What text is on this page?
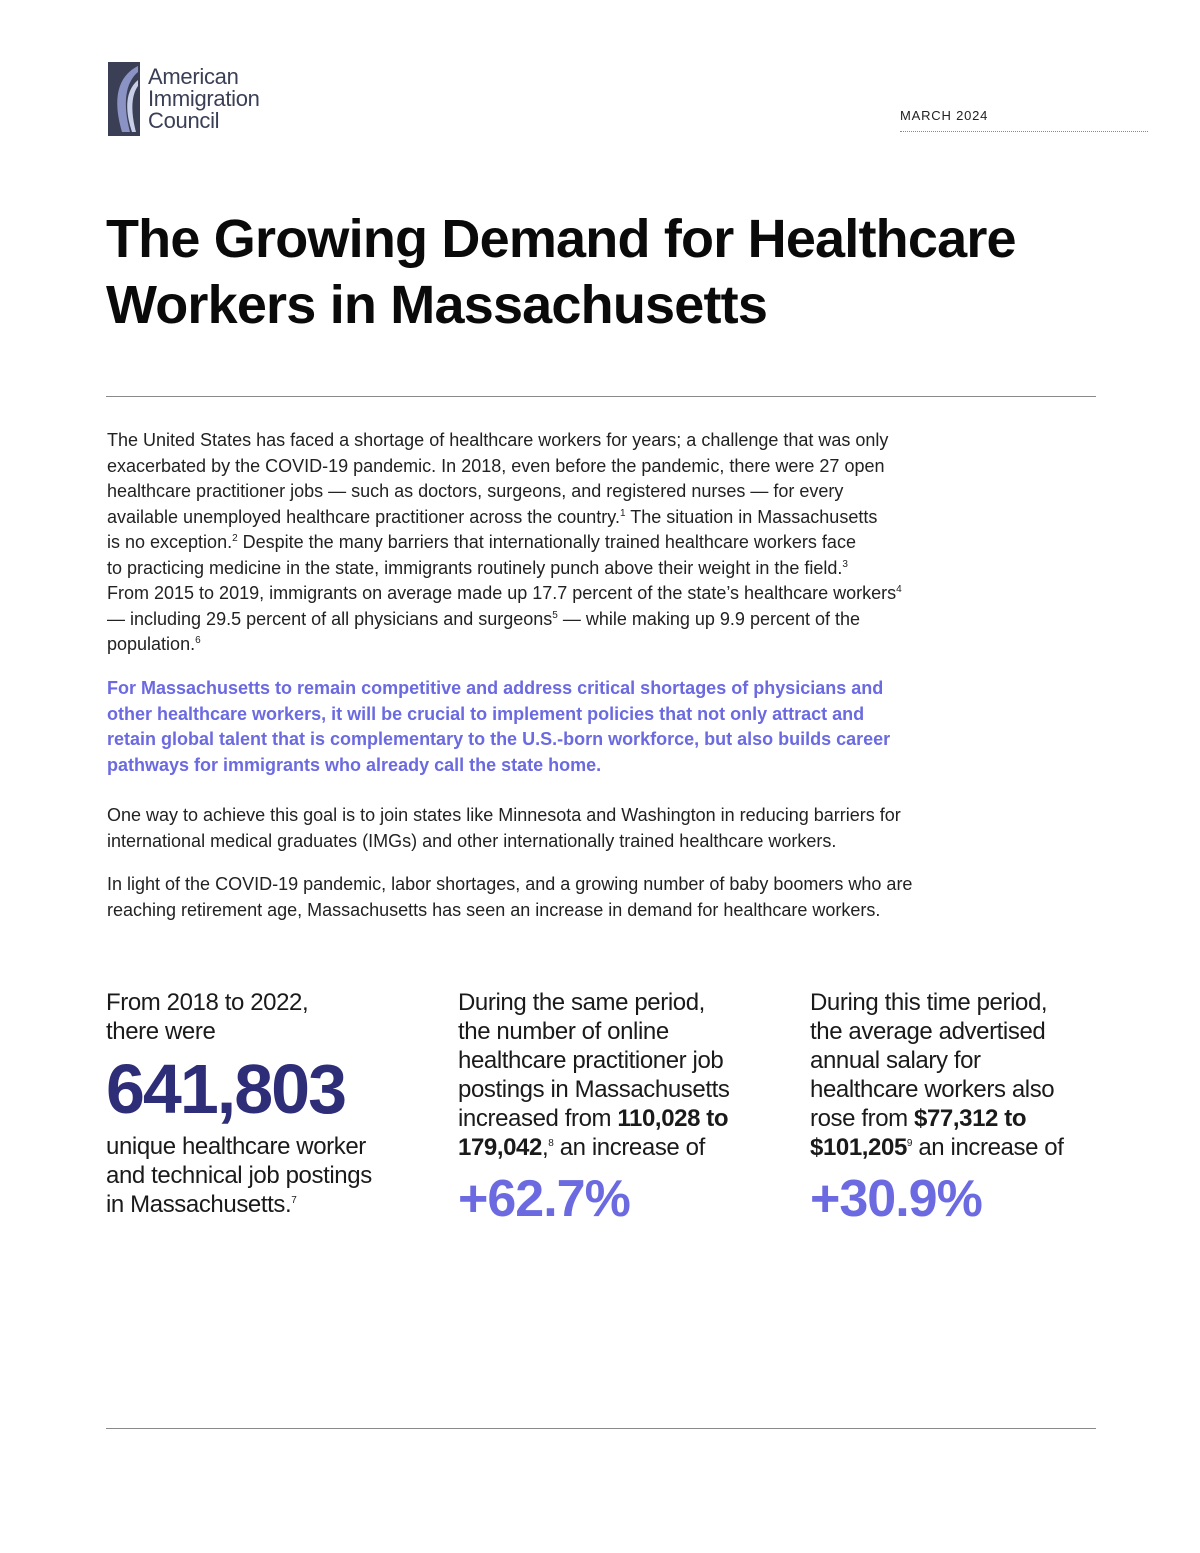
American
Immigration
Council	MARCH 2024
The Growing Demand for Healthcare
Workers in Massachusetts
The United States has faced a shortage of healthcare workers for years; a challenge that was only
exacerbated by the COVID-19 pandemic. In 2018, even before the pandemic, there were 27 open
healthcare practitioner jobs — such as doctors, surgeons, and registered nurses — for every
available unemployed healthcare practitioner across the country.$^1$ The situation in Massachusetts
is no exception.$^2$ Despite the many barriers that internationally trained healthcare workers face
to practicing medicine in the state, immigrants routinely punch above their weight in the field.$^3$
From 2015 to 2019, immigrants on average made up 17.7 percent of the state’s healthcare workers$^4$
— including 29.5 percent of all physicians and surgeons$^5$ — while making up 9.9 percent of the
population.$^6$
For Massachusetts to remain competitive and address critical shortages of physicians and
other healthcare workers, it will be crucial to implement policies that not only attract and
retain global talent that is complementary to the U.S.-born workforce, but also builds career
pathways for immigrants who already call the state home.
One way to achieve this goal is to join states like Minnesota and Washington in reducing barriers for
international medical graduates (IMGs) and other internationally trained healthcare workers.
In light of the COVID-19 pandemic, labor shortages, and a growing number of baby boomers who are
reaching retirement age, Massachusetts has seen an increase in demand for healthcare workers.
From 2018 to 2022,
there were
641,803
unique healthcare worker
and technical job postings
in Massachusetts.$^7$
During the same period,
the number of online
healthcare practitioner job
postings in Massachusetts
increased from 110,028 to
179,042,$^8$ an increase of
+62.7%
During this time period,
the average advertised
annual salary for
healthcare workers also
rose from $77,312 to
$101,205$^9$ an increase of
+30.9%
